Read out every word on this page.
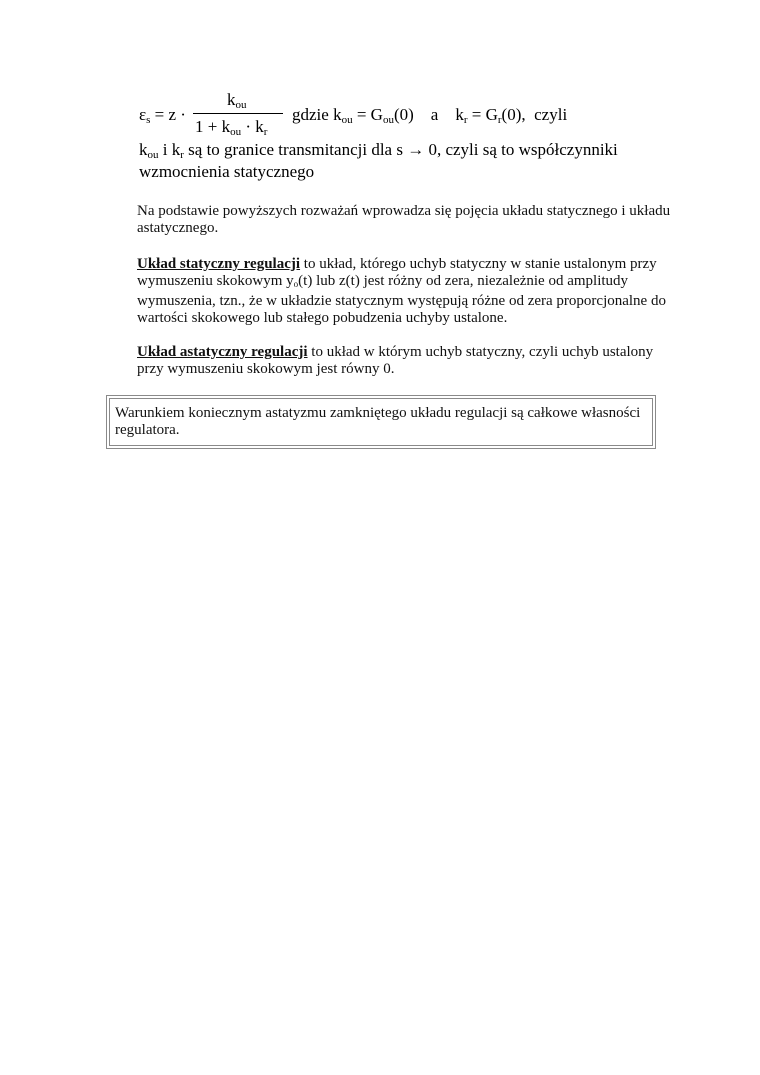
$\varepsilon_s = z$ ·
$k_{ou}$
$1 + k_{ou} \cdot k_r$
gdzie $k_{ou} = G_{ou}(0)$ a $k_r = G_r(0)$, czyli
$k_{ou}$ i $k_r$ są to granice transmitancji dla s → 0, czyli są to współczynniki
wzmocnienia statycznego
Na podstawie powyższych rozważań wprowadza się pojęcia układu statycznego i układu astatycznego.
Układ statyczny regulacji to układ, którego uchyb statyczny w stanie ustalonym przy wymuszeniu skokowym $y_o(t)$ lub z(t) jest różny od zera, niezależnie od amplitudy wymuszenia, tzn., że w układzie statycznym występują różne od zera proporcjonalne do wartości skokowego lub stałego pobudzenia uchyby ustalone.
Układ astatyczny regulacji to układ w którym uchyb statyczny, czyli uchyb ustalony przy wymuszeniu skokowym jest równy 0.
Warunkiem koniecznym astatyzmu zamkniętego układu regulacji są całkowe własności regulatora.
